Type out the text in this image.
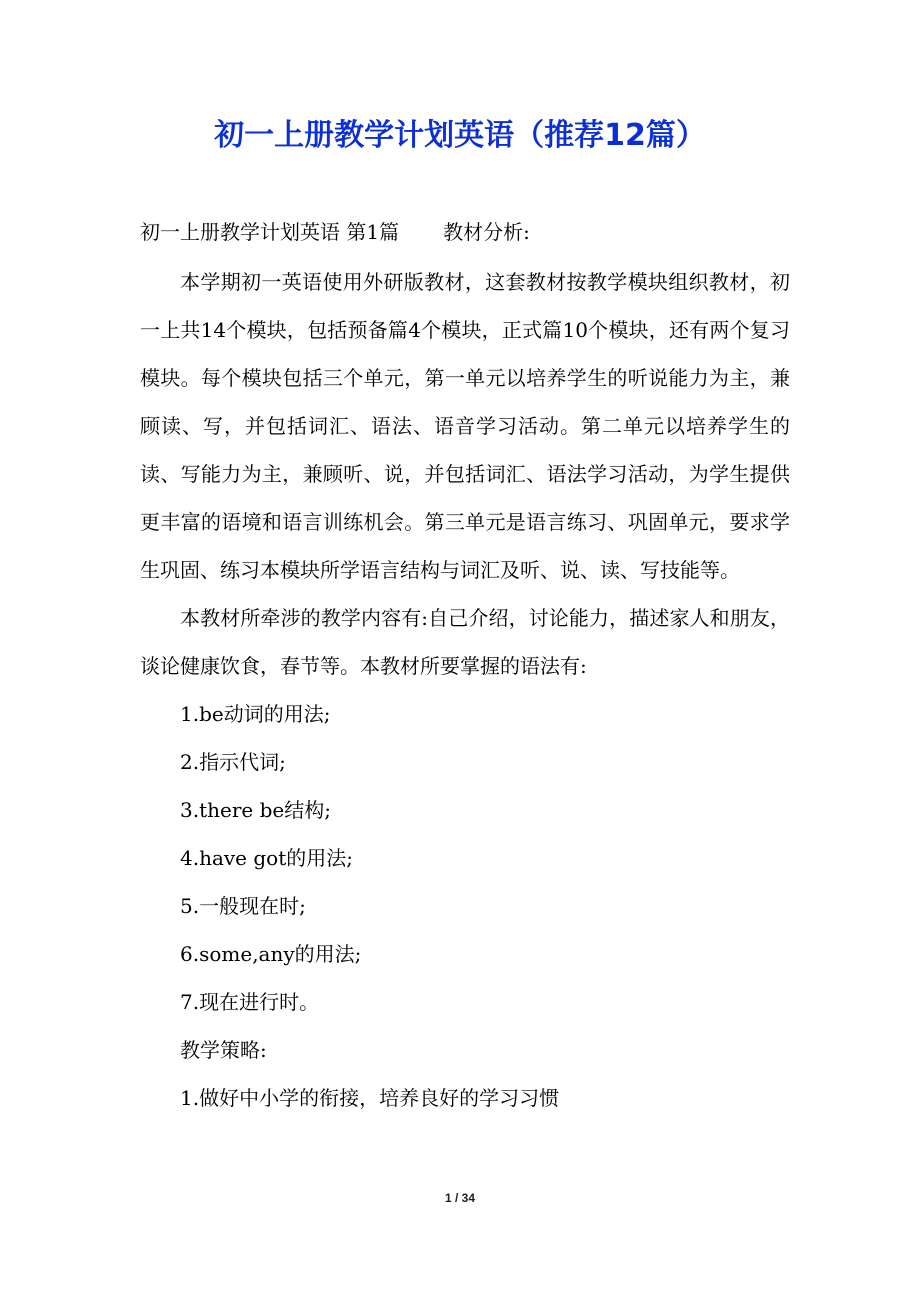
初一上册教学计划英语（推荐12篇）
初一上册教学计划英语 第1篇 教材分析:

本学期初一英语使用外研版教材，这套教材按教学模块组织教材，初一上共14个模块，包括预备篇4个模块，正式篇10个模块，还有两个复习模块。每个模块包括三个单元，第一单元以培养学生的听说能力为主，兼顾读、写，并包括词汇、语法、语音学习活动。第二单元以培养学生的读、写能力为主，兼顾听、说，并包括词汇、语法学习活动，为学生提供更丰富的语境和语言训练机会。第三单元是语言练习、巩固单元，要求学生巩固、练习本模块所学语言结构与词汇及听、说、读、写技能等。

本教材所牵涉的教学内容有:自己介绍，讨论能力，描述家人和朋友，谈论健康饮食，春节等。本教材所要掌握的语法有:

1.be动词的用法;
2.指示代词;
3.there be结构;
4.have got的用法;
5.一般现在时;
6.some,any的用法;
7.现在进行时。
教学策略:
1.做好中小学的衔接，培养良好的学习习惯
1 / 34
